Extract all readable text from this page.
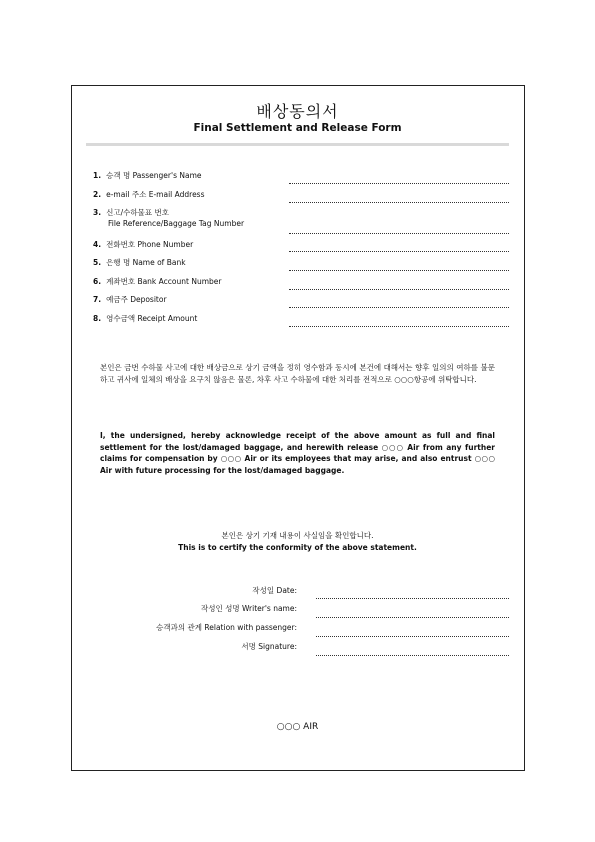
배상동의서
Final Settlement and Release Form
1. 승객 명 Passenger's Name
2. e-mail 주소 E-mail Address
3. 신고/수하물표 번호
File Reference/Baggage Tag Number
4. 전화번호 Phone Number
5. 은행 명 Name of Bank
6. 계좌번호 Bank Account Number
7. 예금주 Depositor
8. 영수금액 Receipt Amount
본인은 금번 수하물 사고에 대한 배상금으로 상기 금액을 정히 영수함과 동시에 본건에 대해서는 향후 일의의 여하를 불문하고 귀사에 일체의 배상을 요구치 않음은 물론, 차후 사고 수하물에 대한 처리를 전적으로 ○○○항공에 위탁합니다.
I, the undersigned, hereby acknowledge receipt of the above amount as full and final settlement for the lost/damaged baggage, and herewith release ○○○ Air from any further claims for compensation by ○○○ Air or its employees that may arise, and also entrust ○○○ Air with future processing for the lost/damaged baggage.
본인은 상기 기재 내용이 사실임을 확인합니다.
This is to certify the conformity of the above statement.
작성일 Date:
작성인 성명 Writer's name:
승객과의 관계 Relation with passenger:
서명 Signature:
○○○ AIR
